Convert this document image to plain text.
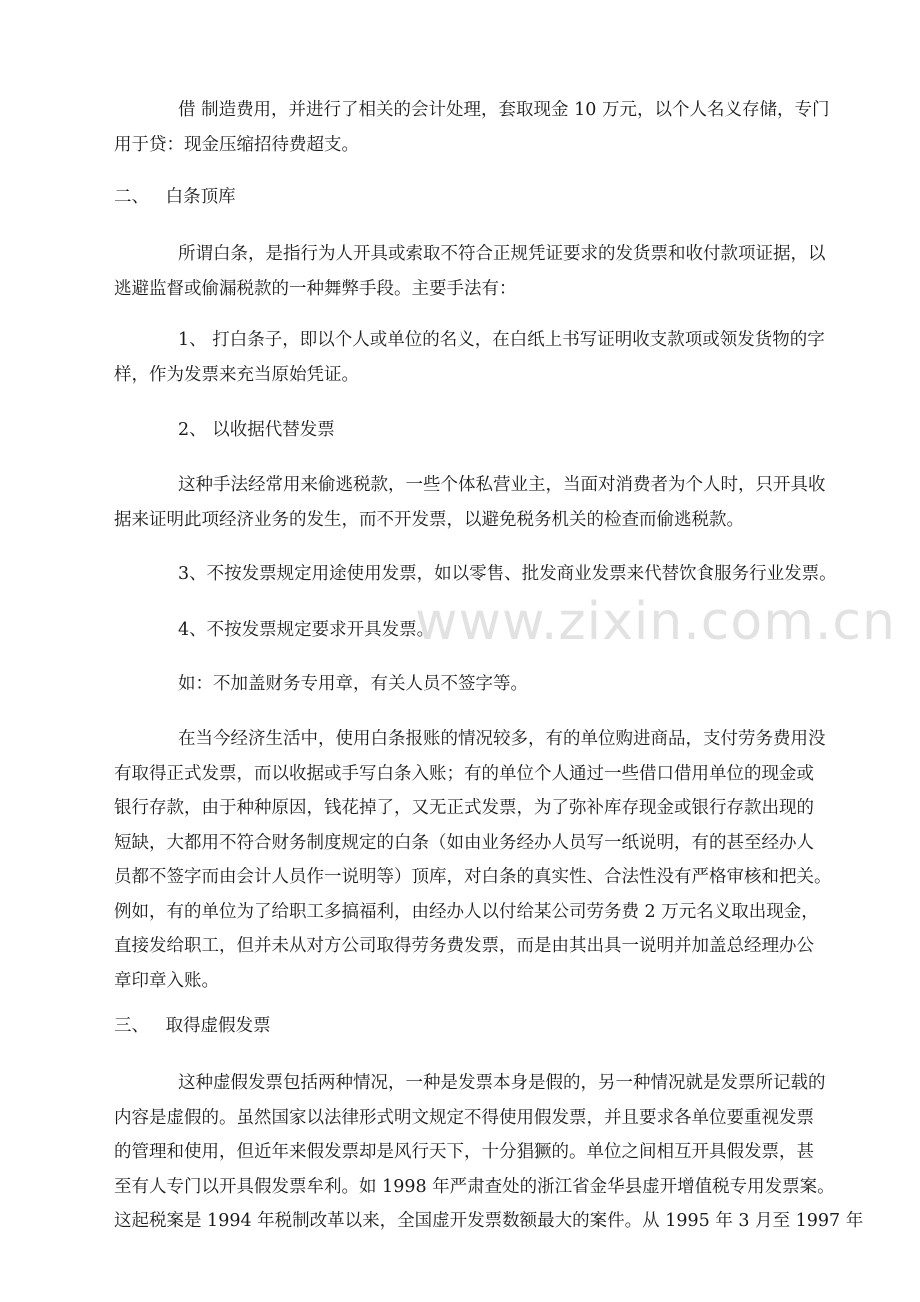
www.zixin.com.cn
借 制造费用，并进行了相关的会计处理，套取现金 10 万元，以个人名义存储，专门
用于贷：现金压缩招待费超支。
二、 白条顶库
所谓白条，是指行为人开具或索取不符合正规凭证要求的发货票和收付款项证据，以
逃避监督或偷漏税款的一种舞弊手段。主要手法有：
1、 打白条子，即以个人或单位的名义，在白纸上书写证明收支款项或领发货物的字
样，作为发票来充当原始凭证。
2、 以收据代替发票
这种手法经常用来偷逃税款，一些个体私营业主，当面对消费者为个人时，只开具收
据来证明此项经济业务的发生，而不开发票，以避免税务机关的检查而偷逃税款。
3、不按发票规定用途使用发票，如以零售、批发商业发票来代替饮食服务行业发票。
4、不按发票规定要求开具发票。
如：不加盖财务专用章，有关人员不签字等。
在当今经济生活中，使用白条报账的情况较多，有的单位购进商品，支付劳务费用没
有取得正式发票，而以收据或手写白条入账；有的单位个人通过一些借口借用单位的现金或
银行存款，由于种种原因，钱花掉了，又无正式发票，为了弥补库存现金或银行存款出现的
短缺，大都用不符合财务制度规定的白条（如由业务经办人员写一纸说明，有的甚至经办人
员都不签字而由会计人员作一说明等）顶库，对白条的真实性、合法性没有严格审核和把关。
例如，有的单位为了给职工多搞福利，由经办人以付给某公司劳务费 2 万元名义取出现金，
直接发给职工，但并未从对方公司取得劳务费发票，而是由其出具一说明并加盖总经理办公
章印章入账。
三、 取得虚假发票
这种虚假发票包括两种情况，一种是发票本身是假的，另一种情况就是发票所记载的
内容是虚假的。虽然国家以法律形式明文规定不得使用假发票，并且要求各单位要重视发票
的管理和使用，但近年来假发票却是风行天下，十分猖獗的。单位之间相互开具假发票，甚
至有人专门以开具假发票牟利。如 1998 年严肃查处的浙江省金华县虚开增值税专用发票案。
这起税案是 1994 年税制改革以来，全国虚开发票数额最大的案件。从 1995 年 3 月至 1997 年
